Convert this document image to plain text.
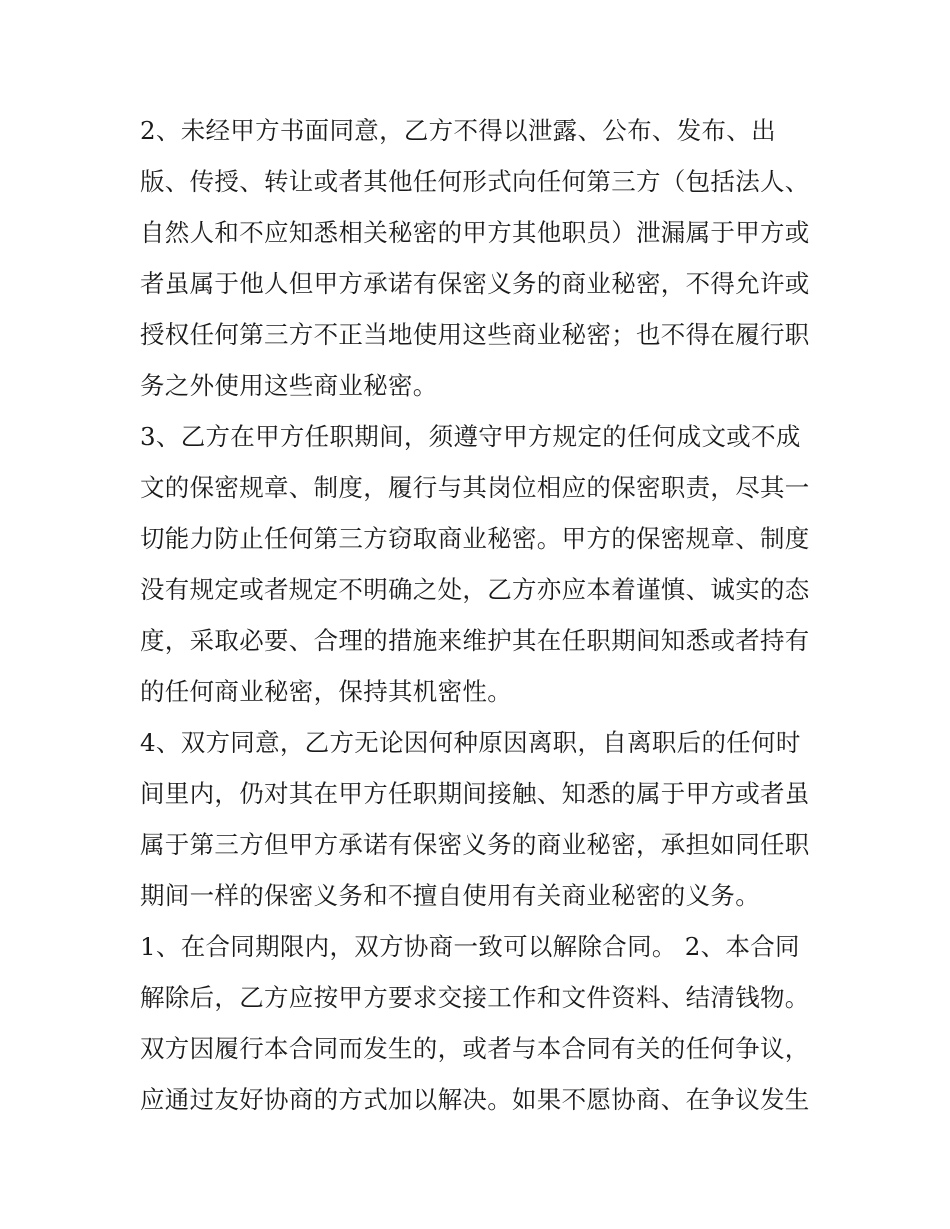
2、未经甲方书面同意，乙方不得以泄露、公布、发布、出
版、传授、转让或者其他任何形式向任何第三方（包括法人、
自然人和不应知悉相关秘密的甲方其他职员）泄漏属于甲方或
者虽属于他人但甲方承诺有保密义务的商业秘密，不得允许或
授权任何第三方不正当地使用这些商业秘密；也不得在履行职
务之外使用这些商业秘密。
3、乙方在甲方任职期间，须遵守甲方规定的任何成文或不成
文的保密规章、制度，履行与其岗位相应的保密职责，尽其一
切能力防止任何第三方窃取商业秘密。甲方的保密规章、制度
没有规定或者规定不明确之处，乙方亦应本着谨慎、诚实的态
度，采取必要、合理的措施来维护其在任职期间知悉或者持有
的任何商业秘密，保持其机密性。
4、双方同意，乙方无论因何种原因离职，自离职后的任何时
间里内，仍对其在甲方任职期间接触、知悉的属于甲方或者虽
属于第三方但甲方承诺有保密义务的商业秘密，承担如同任职
期间一样的保密义务和不擅自使用有关商业秘密的义务。
1、在合同期限内，双方协商一致可以解除合同。 2、本合同
解除后，乙方应按甲方要求交接工作和文件资料、结清钱物。
双方因履行本合同而发生的，或者与本合同有关的任何争议，
应通过友好协商的方式加以解决。如果不愿协商、在争议发生
